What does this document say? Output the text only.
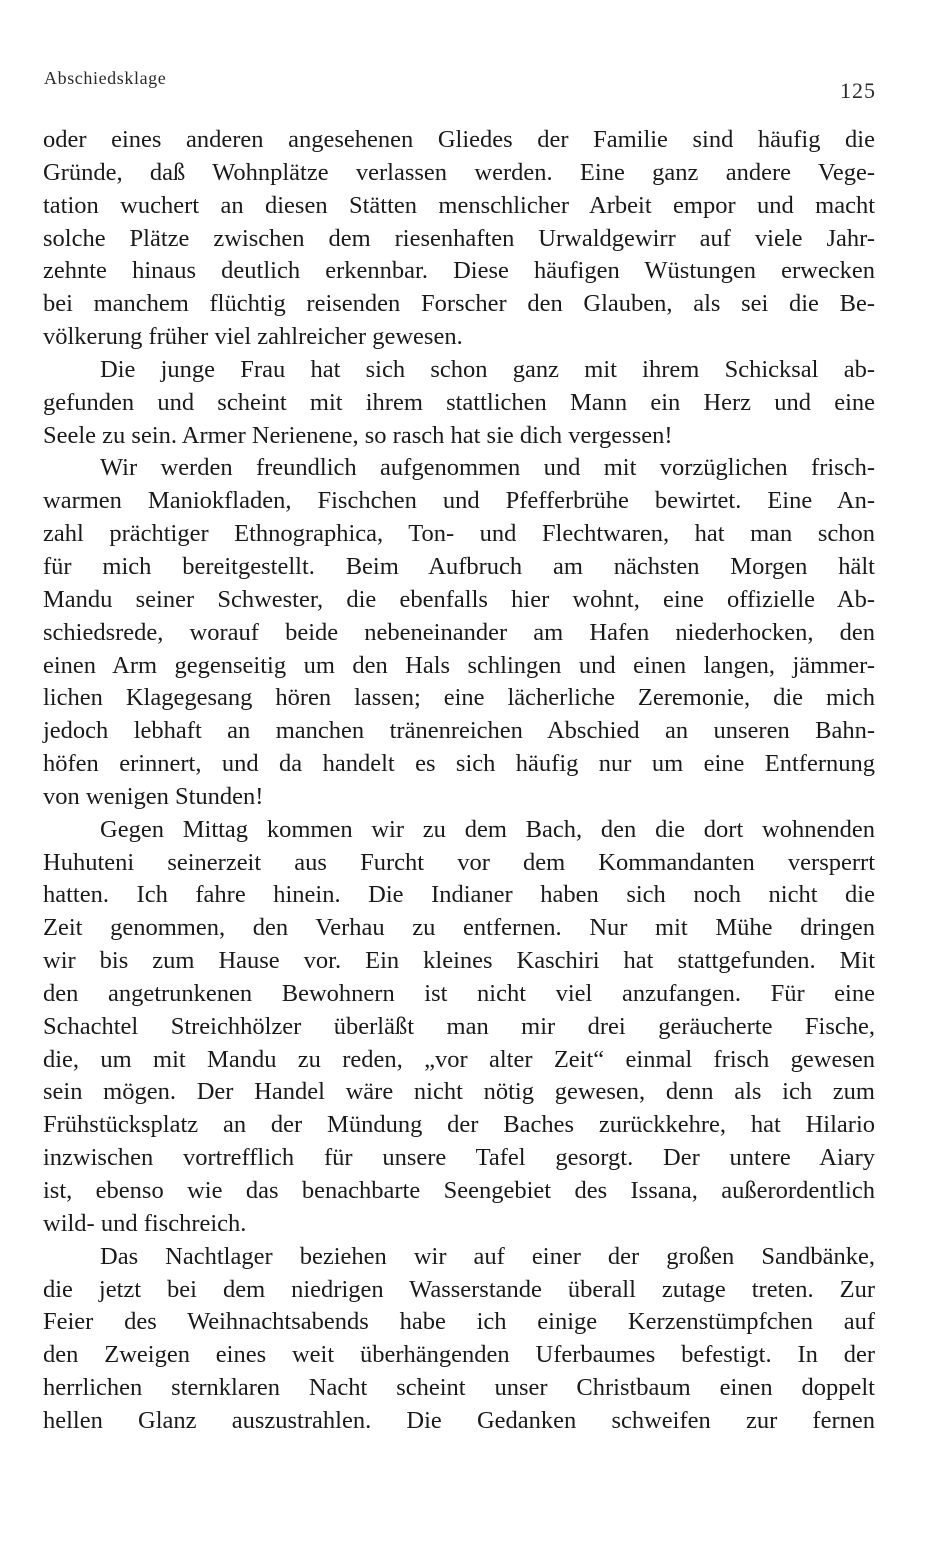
Abschiedsklage	125
oder eines anderen angesehenen Gliedes der Familie sind häufig die
Gründe, daß Wohnplätze verlassen werden. Eine ganz andere Vege-
tation wuchert an diesen Stätten menschlicher Arbeit empor und macht
solche Plätze zwischen dem riesenhaften Urwaldgewirr auf viele Jahr-
zehnte hinaus deutlich erkennbar. Diese häufigen Wüstungen erwecken
bei manchem flüchtig reisenden Forscher den Glauben, als sei die Be-
völkerung früher viel zahlreicher gewesen.
Die junge Frau hat sich schon ganz mit ihrem Schicksal ab-
gefunden und scheint mit ihrem stattlichen Mann ein Herz und eine
Seele zu sein. Armer Nerienene, so rasch hat sie dich vergessen!
Wir werden freundlich aufgenommen und mit vorzüglichen frisch-
warmen Maniokfladen, Fischchen und Pfefferbrühe bewirtet. Eine An-
zahl prächtiger Ethnographica, Ton- und Flechtwaren, hat man schon
für mich bereitgestellt. Beim Aufbruch am nächsten Morgen hält
Mandu seiner Schwester, die ebenfalls hier wohnt, eine offizielle Ab-
schiedsrede, worauf beide nebeneinander am Hafen niederhocken, den
einen Arm gegenseitig um den Hals schlingen und einen langen, jämmer-
lichen Klagegesang hören lassen; eine lächerliche Zeremonie, die mich
jedoch lebhaft an manchen tränenreichen Abschied an unseren Bahn-
höfen erinnert, und da handelt es sich häufig nur um eine Entfernung
von wenigen Stunden!
Gegen Mittag kommen wir zu dem Bach, den die dort wohnenden
Huhuteni seinerzeit aus Furcht vor dem Kommandanten versperrt
hatten. Ich fahre hinein. Die Indianer haben sich noch nicht die
Zeit genommen, den Verhau zu entfernen. Nur mit Mühe dringen
wir bis zum Hause vor. Ein kleines Kaschiri hat stattgefunden. Mit
den angetrunkenen Bewohnern ist nicht viel anzufangen. Für eine
Schachtel Streichhölzer überläßt man mir drei geräucherte Fische,
die, um mit Mandu zu reden, „vor alter Zeit“ einmal frisch gewesen
sein mögen. Der Handel wäre nicht nötig gewesen, denn als ich zum
Frühstücksplatz an der Mündung der Baches zurückkehre, hat Hilario
inzwischen vortrefflich für unsere Tafel gesorgt. Der untere Aiary
ist, ebenso wie das benachbarte Seengebiet des Issana, außerordentlich
wild- und fischreich.
Das Nachtlager beziehen wir auf einer der großen Sandbänke,
die jetzt bei dem niedrigen Wasserstande überall zutage treten. Zur
Feier des Weihnachtsabends habe ich einige Kerzenstümpfchen auf
den Zweigen eines weit überhängenden Uferbaumes befestigt. In der
herrlichen sternklaren Nacht scheint unser Christbaum einen doppelt
hellen Glanz auszustrahlen. Die Gedanken schweifen zur fernen
